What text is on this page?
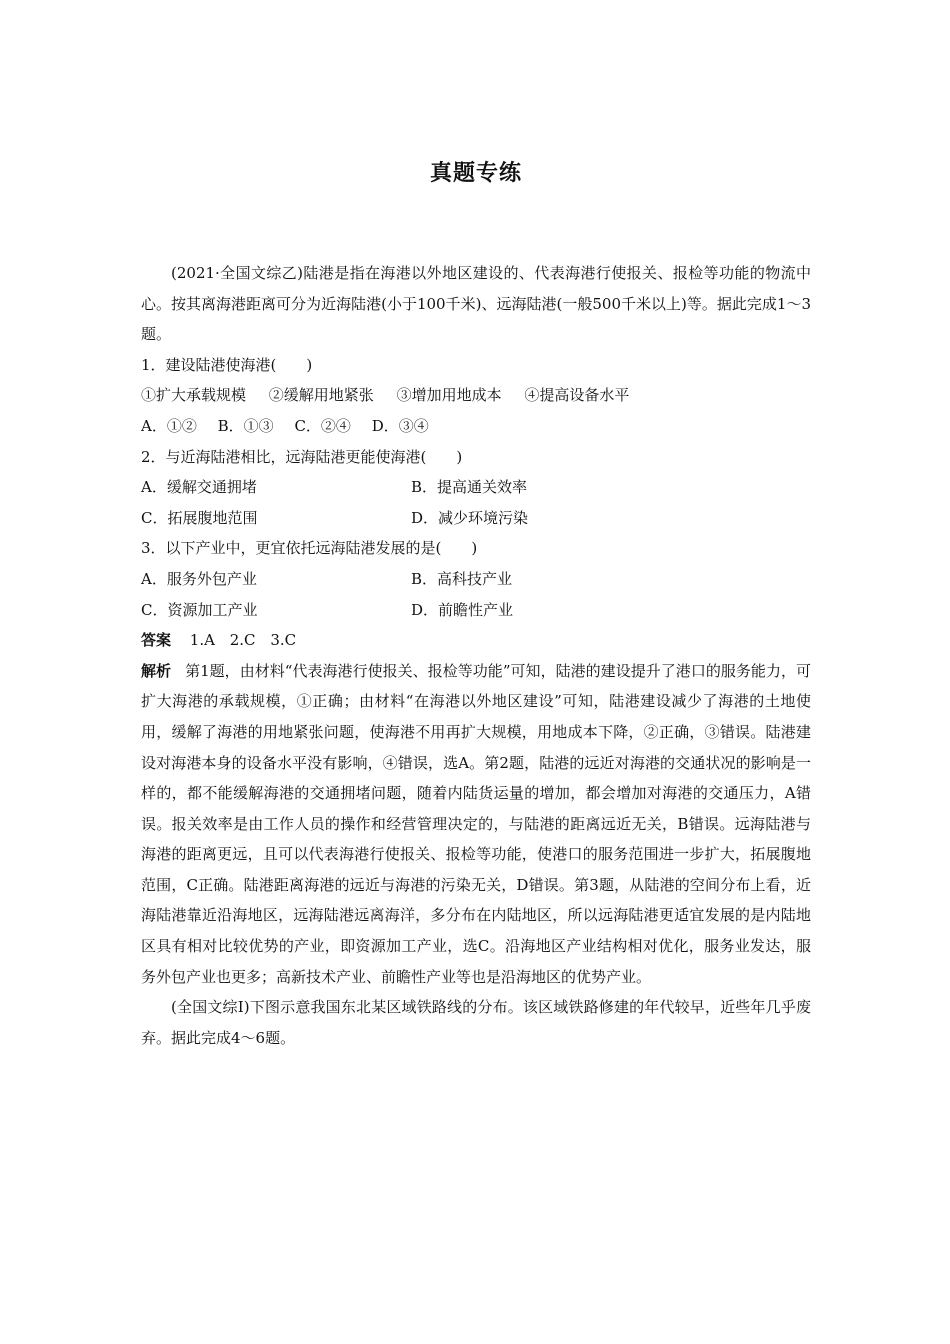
真题专练

(2021·全国文综乙)陆港是指在海港以外地区建设的、代表海港行使报关、报检等功能的物流中心。按其离海港距离可分为近海陆港(小于100千米)、远海陆港(一般500千米以上)等。据此完成1～3题。

1．建设陆港使海港(　　)

①扩大承载规模 ②缓解用地紧张 ③增加用地成本 ④提高设备水平

A．①② B．①③ C．②④ D．③④

2．与近海陆港相比，远海陆港更能使海港(　　)

A．缓解交通拥堵	B．提高通关效率
C．拓展腹地范围	D．减少环境污染

3．以下产业中，更宜依托远海陆港发展的是(　　)

A．服务外包产业	B．高科技产业
C．资源加工产业	D．前瞻性产业

答案 1.A 2.C 3.C

解析 第1题，由材料“代表海港行使报关、报检等功能”可知，陆港的建设提升了港口的服务能力，可扩大海港的承载规模，①正确；由材料“在海港以外地区建设”可知，陆港建设减少了海港的土地使用，缓解了海港的用地紧张问题，使海港不用再扩大规模，用地成本下降，②正确，③错误。陆港建设对海港本身的设备水平没有影响，④错误，选A。第2题，陆港的远近对海港的交通状况的影响是一样的，都不能缓解海港的交通拥堵问题，随着内陆货运量的增加，都会增加对海港的交通压力，A错误。报关效率是由工作人员的操作和经营管理决定的，与陆港的距离远近无关，B错误。远海陆港与海港的距离更远，且可以代表海港行使报关、报检等功能，使港口的服务范围进一步扩大，拓展腹地范围，C正确。陆港距离海港的远近与海港的污染无关，D错误。第3题，从陆港的空间分布上看，近海陆港靠近沿海地区，远海陆港远离海洋，多分布在内陆地区，所以远海陆港更适宜发展的是内陆地区具有相对比较优势的产业，即资源加工产业，选C。沿海地区产业结构相对优化，服务业发达，服务外包产业也更多；高新技术产业、前瞻性产业等也是沿海地区的优势产业。

(全国文综Ⅰ)下图示意我国东北某区域铁路线的分布。该区域铁路修建的年代较早，近些年几乎废弃。据此完成4～6题。
